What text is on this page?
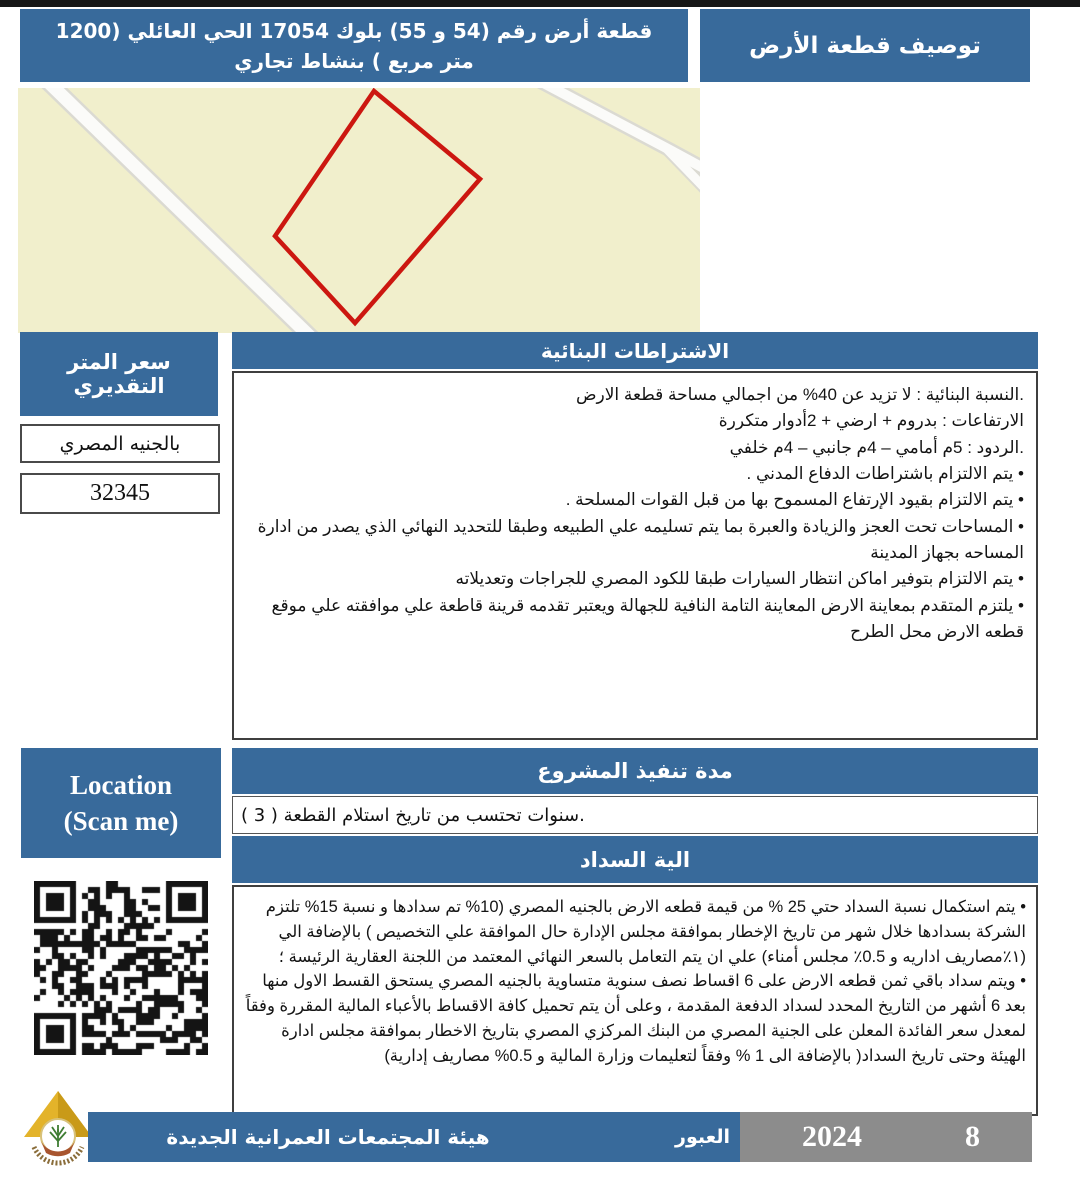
قطعة أرض رقم (54 و 55) بلوك 17054 الحي العائلي (1200 متر مربع ) بنشاط تجاري
توصيف قطعة الأرض
سعر المتر التقديري
بالجنيه المصري
32345
الاشتراطات البنائية
.النسبة البنائية : لا تزيد عن 40% من اجمالي مساحة قطعة الارض
الارتفاعات : بدروم + ارضي + 2أدوار متكررة
.الردود : 5م أمامي – 4م جانبي – 4م خلفي
• يتم الالتزام باشتراطات الدفاع المدني .
• يتم الالتزام بقيود الإرتفاع المسموح بها من قبل القوات المسلحة .
• المساحات تحت العجز والزيادة والعبرة بما يتم تسليمه علي الطبيعه وطبقا للتحديد النهائي الذي يصدر من ادارة المساحه بجهاز المدينة
• يتم الالتزام بتوفير اماكن انتظار السيارات طبقا للكود المصري للجراجات وتعديلاته
• يلتزم المتقدم بمعاينة الارض المعاينة التامة النافية للجهالة ويعتبر تقدمه قرينة قاطعة علي موافقته علي موقع قطعه الارض محل الطرح
مدة تنفيذ المشروع
.سنوات تحتسب من تاريخ استلام القطعة ( 3 )
الية السداد
• يتم استكمال نسبة السداد حتي 25 % من قيمة قطعه الارض بالجنيه المصري (10% تم سدادها و نسبة 15% تلتزم الشركة بسدادها خلال شهر من تاريخ الإخطار بموافقة مجلس الإدارة حال الموافقة علي التخصيص ) بالإضافة الي (١٪مصاريف اداريه و 0.5٪ مجلس أمناء) علي ان يتم التعامل بالسعر النهائي المعتمد من اللجنة العقارية الرئيسة ؛
• ويتم سداد باقي ثمن قطعه الارض على 6 اقساط نصف سنوية متساوية بالجنيه المصري يستحق القسط الاول منها بعد 6 أشهر من التاريخ المحدد لسداد الدفعة المقدمة ، وعلى أن يتم تحميل كافة الاقساط بالأعباء المالية المقررة وفقاً لمعدل سعر الفائدة المعلن على الجنية المصري من البنك المركزي المصري بتاريخ الاخطار بموافقة مجلس ادارة الهيئة وحتى تاريخ السداد( بالإضافة الى 1 % وفقاً لتعليمات وزارة المالية و 0.5% مصاريف إدارية)
Location
(Scan me)
هيئة المجتمعات العمرانية الجديدة	العبور 2024	8
